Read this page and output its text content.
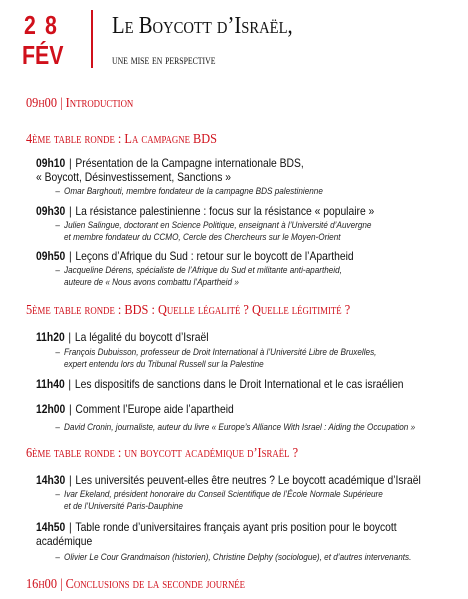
2 8
FÉV
Le Boycott d’Israël,
une mise en perspective
09h00 | Introduction
4ème table ronde : La campagne BDS
09h10 | Présentation de la Campagne internationale BDS,
« Boycott, Désinvestissement, Sanctions »
– Omar Barghouti, membre fondateur de la campagne BDS palestinienne
09h30 | La résistance palestinienne : focus sur la résistance « populaire »
– Julien Salingue, doctorant en Science Politique, enseignant à l’Université d’Auvergne
et membre fondateur du CCMO, Cercle des Chercheurs sur le Moyen-Orient
09h50 | Leçons d’Afrique du Sud : retour sur le boycott de l’Apartheid
– Jacqueline Dérens, spécialiste de l’Afrique du Sud et militante anti-apartheid,
auteure de « Nous avons combattu l’Apartheid »
5ème table ronde : BDS : Quelle légalité ? Quelle légitimité ?
11h20 | La légalité du boycott d’Israël
– François Dubuisson, professeur de Droit International à l’Université Libre de Bruxelles,
expert entendu lors du Tribunal Russell sur la Palestine
11h40 | Les dispositifs de sanctions dans le Droit International et le cas israélien
12h00 | Comment l’Europe aide l’apartheid
– David Cronin, journaliste, auteur du livre « Europe’s Alliance With Israel : Aiding the Occupation »
6ème table ronde : un boycott académique d’Israël ?
14h30 | Les universités peuvent-elles être neutres ? Le boycott académique d’Israël
– Ivar Ekeland, président honoraire du Conseil Scientifique de l’École Normale Supérieure
et de l’Université Paris-Dauphine
14h50 | Table ronde d’universitaires français ayant pris position pour le boycott
académique
– Olivier Le Cour Grandmaison (historien), Christine Delphy (sociologue), et d’autres intervenants.
16h00 | Conclusions de la seconde journée
